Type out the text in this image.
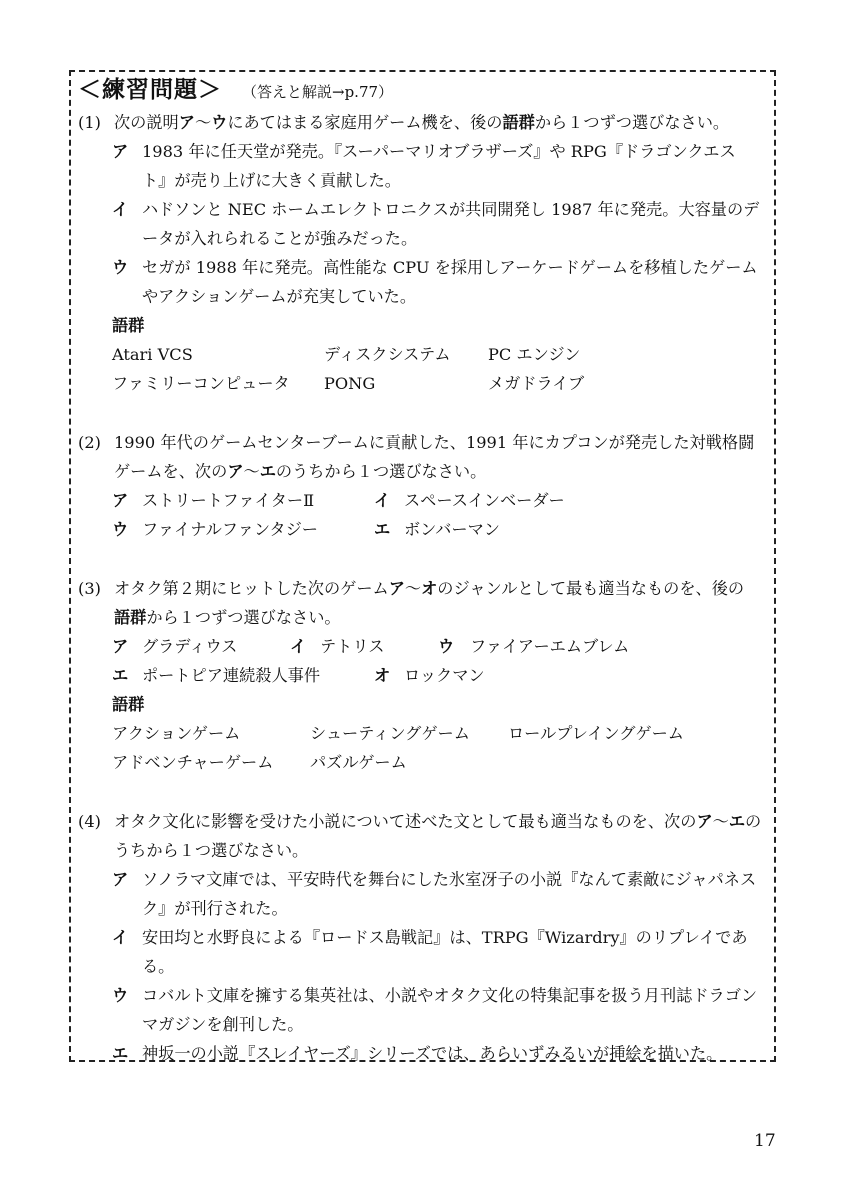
＜練習問題＞ （答えと解説→p.77）
(1) 次の説明ア〜ウにあてはまる家庭用ゲーム機を、後の語群から１つずつ選びなさい。
ア 1983 年に任天堂が発売。『スーパーマリオブラザーズ』や RPG『ドラゴンクエス
ト』が売り上げに大きく貢献した。
イ ハドソンと NEC ホームエレクトロニクスが共同開発し 1987 年に発売。大容量のデ
ータが入れられることが強みだった。
ウ セガが 1988 年に発売。高性能な CPU を採用しアーケードゲームを移植したゲーム
やアクションゲームが充実していた。
語群
Atari VCS	ディスクシステム PC エンジン
ファミリーコンピュータ PONG	メガドライブ
(2) 1990 年代のゲームセンターブームに貢献した、1991 年にカプコンが発売した対戦格闘
ゲームを、次のア〜エのうちから１つ選びなさい。
ア ストリートファイターⅡ	イ スペースインベーダー
ウ ファイナルファンタジー	エ ボンバーマン
(3) オタク第２期にヒットした次のゲームア〜オのジャンルとして最も適当なものを、後の
語群から１つずつ選びなさい。
ア グラディウス	イ テトリス	ウ ファイアーエムブレム
エ ポートピア連続殺人事件	オ ロックマン
語群
アクションゲーム	シューティングゲーム ロールプレイングゲーム
アドベンチャーゲーム パズルゲーム
(4) オタク文化に影響を受けた小説について述べた文として最も適当なものを、次のア〜エの
うちから１つ選びなさい。
ア ソノラマ文庫では、平安時代を舞台にした氷室冴子の小説『なんて素敵にジャパネス
ク』が刊行された。
イ 安田均と水野良による『ロードス島戦記』は、TRPG『Wizardry』のリプレイである。
ウ コバルト文庫を擁する集英社は、小説やオタク文化の特集記事を扱う月刊誌ドラゴン
マガジンを創刊した。
エ 神坂一の小説『スレイヤーズ』シリーズでは、あらいずみるいが挿絵を描いた。
17
